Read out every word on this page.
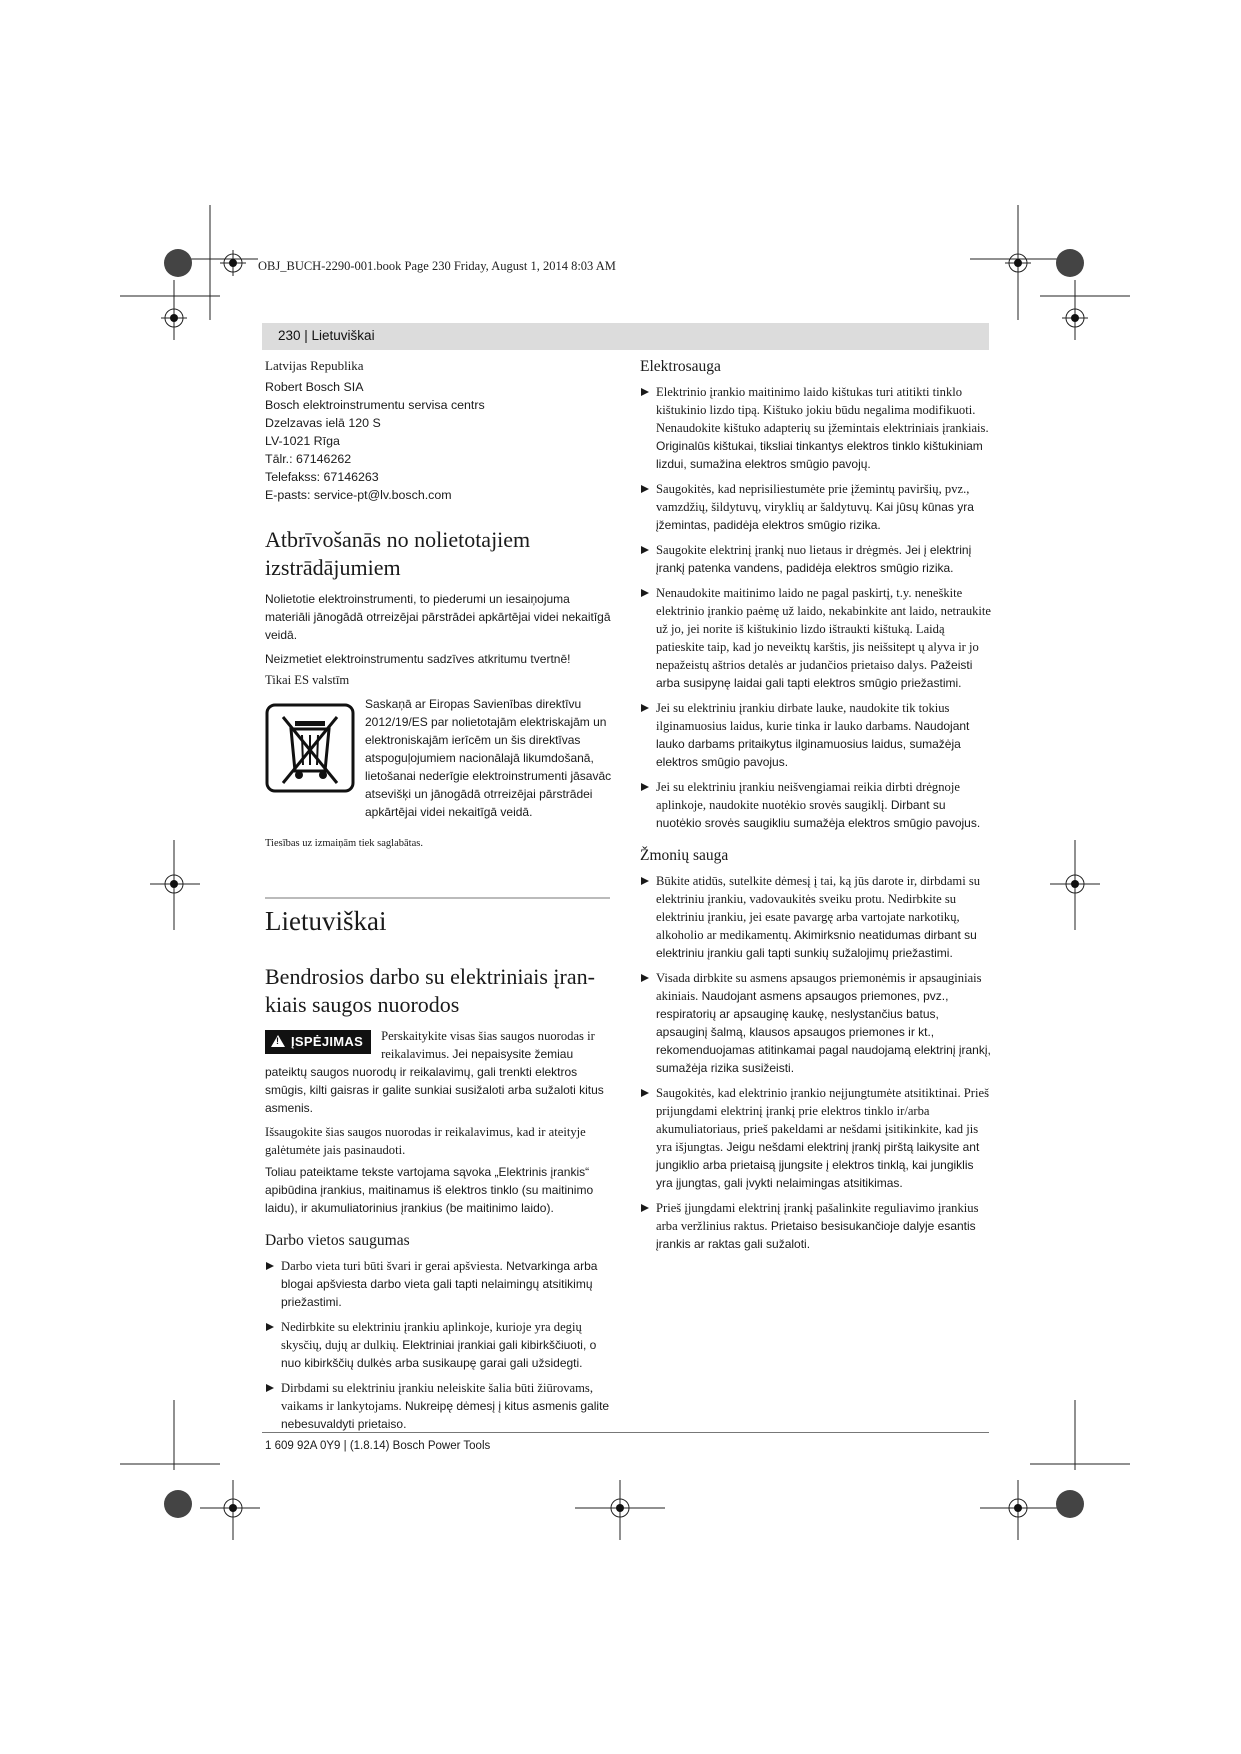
OBJ_BUCH-2290-001.book Page 230 Friday, August 1, 2014 8:03 AM
230 | Lietuviškai
Latvijas Republika
Robert Bosch SIA
Bosch elektroinstrumentu servisa centrs
Dzelzavas ielā 120 S
LV-1021 Rīga
Tālr.: 67146262
Telefakss: 67146263
E-pasts: service-pt@lv.bosch.com
Atbrīvošanās no nolietotajiem
izstrādājumiem

Nolietotie elektroinstrumenti, to piederumi un iesaiņojuma materiāli jānogādā otrreizējai pārstrādei apkārtējai videi nekaitīgā veidā.

Neizmetiet elektroinstrumentu sadzīves atkritumu tvertnē!

Tikai ES valstīm

Saskaņā ar Eiropas Savienības direktīvu 2012/19/ES par nolietotajām elektriskajām un elektroniskajām ierīcēm un šis direktīvas atspoguļojumiem nacionālajā likumdošanā, lietošanai nederīgie elektroinstrumenti jāsavāc atsevišķi un jānogādā otrreizējai pārstrādei apkārtējai videi nekaitīgā veidā.
Tiesības uz izmaiņām tiek saglabātas.
Lietuviškai
Bendrosios darbo su elektriniais įran-
kiais saugos nuorodos
!ĮSPĖJIMAS	Perskaitykite visas šias saugos nuorodas ir reikalavimus. Jei nepaisysite žemiau pateiktų saugos nuorodų ir reikalavimų, gali trenkti elektros smūgis, kilti gaisras ir galite sunkiai susižaloti arba sužaloti kitus asmenis.

Išsaugokite šias saugos nuorodas ir reikalavimus, kad ir ateityje galėtumėte jais pasinaudoti.

Toliau pateiktame tekste vartojama sąvoka „Elektrinis įrankis“ apibūdina įrankius, maitinamus iš elektros tinklo (su maitinimo laidu), ir akumuliatorinius įrankius (be maitinimo laido).

Darbo vietos saugumas
Darbo vieta turi būti švari ir gerai apšviesta. Netvarkinga arba blogai apšviesta darbo vieta gali tapti nelaimingų atsitikimų priežastimi.
Nedirbkite su elektriniu įrankiu aplinkoje, kurioje yra degių skysčių, dujų ar dulkių. Elektriniai įrankiai gali kibirkščiuoti, o nuo kibirkščių dulkės arba susikaupę garai gali užsidegti.
Dirbdami su elektriniu įrankiu neleiskite šalia būti žiūrovams, vaikams ir lankytojams. Nukreipę dėmesį į kitus asmenis galite nebesuvaldyti prietaiso.
Elektrosauga
Elektrinio įrankio maitinimo laido kištukas turi atitikti tinklo kištukinio lizdo tipą. Kištuko jokiu būdu negalima modifikuoti. Nenaudokite kištuko adapterių su įžemintais elektriniais įrankiais. Originalūs kištukai, tiksliai tinkantys elektros tinklo kištukiniam lizdui, sumažina elektros smūgio pavojų.
Saugokitės, kad neprisiliestumėte prie įžemintų paviršių, pvz., vamzdžių, šildytuvų, viryklių ar šaldytuvų. Kai jūsų kūnas yra įžemintas, padidėja elektros smūgio rizika.
Saugokite elektrinį įrankį nuo lietaus ir drėgmės. Jei į elektrinį įrankį patenka vandens, padidėja elektros smūgio rizika.
Nenaudokite maitinimo laido ne pagal paskirtį, t.y. neneškite elektrinio įrankio paėmę už laido, nekabinkite ant laido, netraukite už jo, jei norite iš kištukinio lizdo ištraukti kištuką. Laidą patieskite taip, kad jo neveiktų karštis, jis neišsitept ų alyva ir jo nepažeistų aštrios detalės ar judančios prietaiso dalys. Pažeisti arba susipynę laidai gali tapti elektros smūgio priežastimi.
Jei su elektriniu įrankiu dirbate lauke, naudokite tik tokius ilginamuosius laidus, kurie tinka ir lauko darbams. Naudojant lauko darbams pritaikytus ilginamuosius laidus, sumažėja elektros smūgio pavojus.
Jei su elektriniu įrankiu neišvengiamai reikia dirbti drėgnoje aplinkoje, naudokite nuotėkio srovės saugiklį. Dirbant su nuotėkio srovės saugikliu sumažėja elektros smūgio pavojus.
Žmonių sauga
Būkite atidūs, sutelkite dėmesį į tai, ką jūs darote ir, dirbdami su elektriniu įrankiu, vadovaukitės sveiku protu. Nedirbkite su elektriniu įrankiu, jei esate pavargę arba vartojate narkotikų, alkoholio ar medikamentų. Akimirksnio neatidumas dirbant su elektriniu įrankiu gali tapti sunkių sužalojimų priežastimi.
Visada dirbkite su asmens apsaugos priemonėmis ir apsauginiais akiniais. Naudojant asmens apsaugos priemones, pvz., respiratorių ar apsauginę kaukę, neslystančius batus, apsauginį šalmą, klausos apsaugos priemones ir kt., rekomenduojamas atitinkamai pagal naudojamą elektrinį įrankį, sumažėja rizika susižeisti.
Saugokitės, kad elektrinio įrankio neįjungtumėte atsitiktinai. Prieš prijungdami elektrinį įrankį prie elektros tinklo ir/arba akumuliatoriaus, prieš pakeldami ar nešdami įsitikinkite, kad jis yra išjungtas. Jeigu nešdami elektrinį įrankį pirštą laikysite ant jungiklio arba prietaisą įjungsite į elektros tinklą, kai jungiklis yra įjungtas, gali įvykti nelaimingas atsitikimas.
Prieš įjungdami elektrinį įrankį pašalinkite reguliavimo įrankius arba veržlinius raktus. Prietaiso besisukančioje dalyje esantis įrankis ar raktas gali sužaloti.
1 609 92A 0Y9 | (1.8.14) Bosch Power Tools
